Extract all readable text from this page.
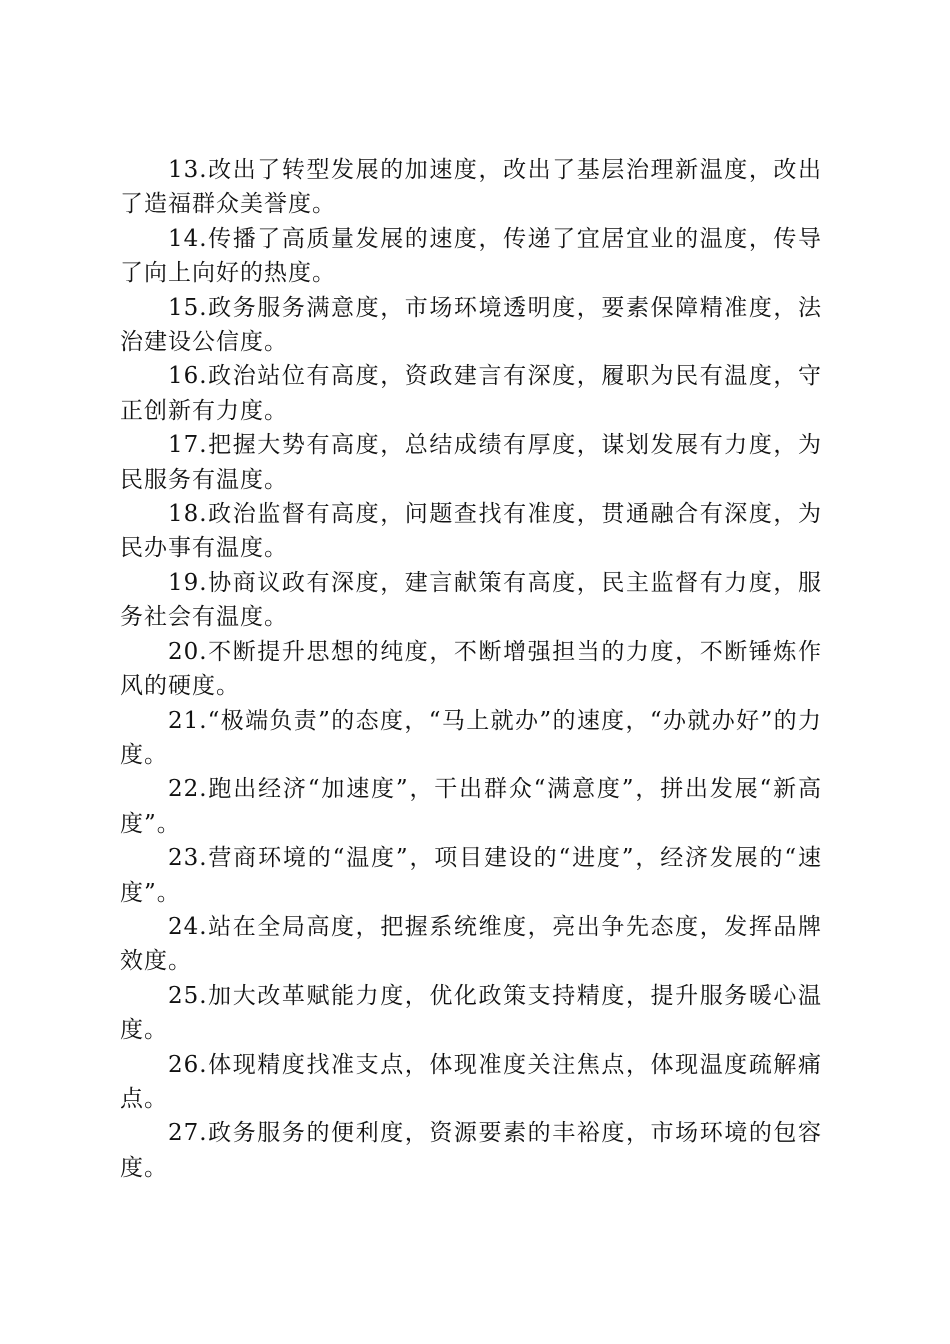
13.改出了转型发展的加速度，改出了基层治理新温度，改出了造福群众美誉度。

14.传播了高质量发展的速度，传递了宜居宜业的温度，传导了向上向好的热度。

15.政务服务满意度，市场环境透明度，要素保障精准度，法治建设公信度。

16.政治站位有高度，资政建言有深度，履职为民有温度，守正创新有力度。

17.把握大势有高度，总结成绩有厚度，谋划发展有力度，为民服务有温度。

18.政治监督有高度，问题查找有准度，贯通融合有深度，为民办事有温度。

19.协商议政有深度，建言献策有高度，民主监督有力度，服务社会有温度。

20.不断提升思想的纯度，不断增强担当的力度，不断锤炼作风的硬度。

21.“极端负责”的态度，“马上就办”的速度，“办就办好”的力度。

22.跑出经济“加速度”，干出群众“满意度”，拼出发展“新高度”。

23.营商环境的“温度”，项目建设的“进度”，经济发展的“速度”。

24.站在全局高度，把握系统维度，亮出争先态度，发挥品牌效度。

25.加大改革赋能力度，优化政策支持精度，提升服务暖心温度。

26.体现精度找准支点，体现准度关注焦点，体现温度疏解痛点。

27.政务服务的便利度，资源要素的丰裕度，市场环境的包容度。
